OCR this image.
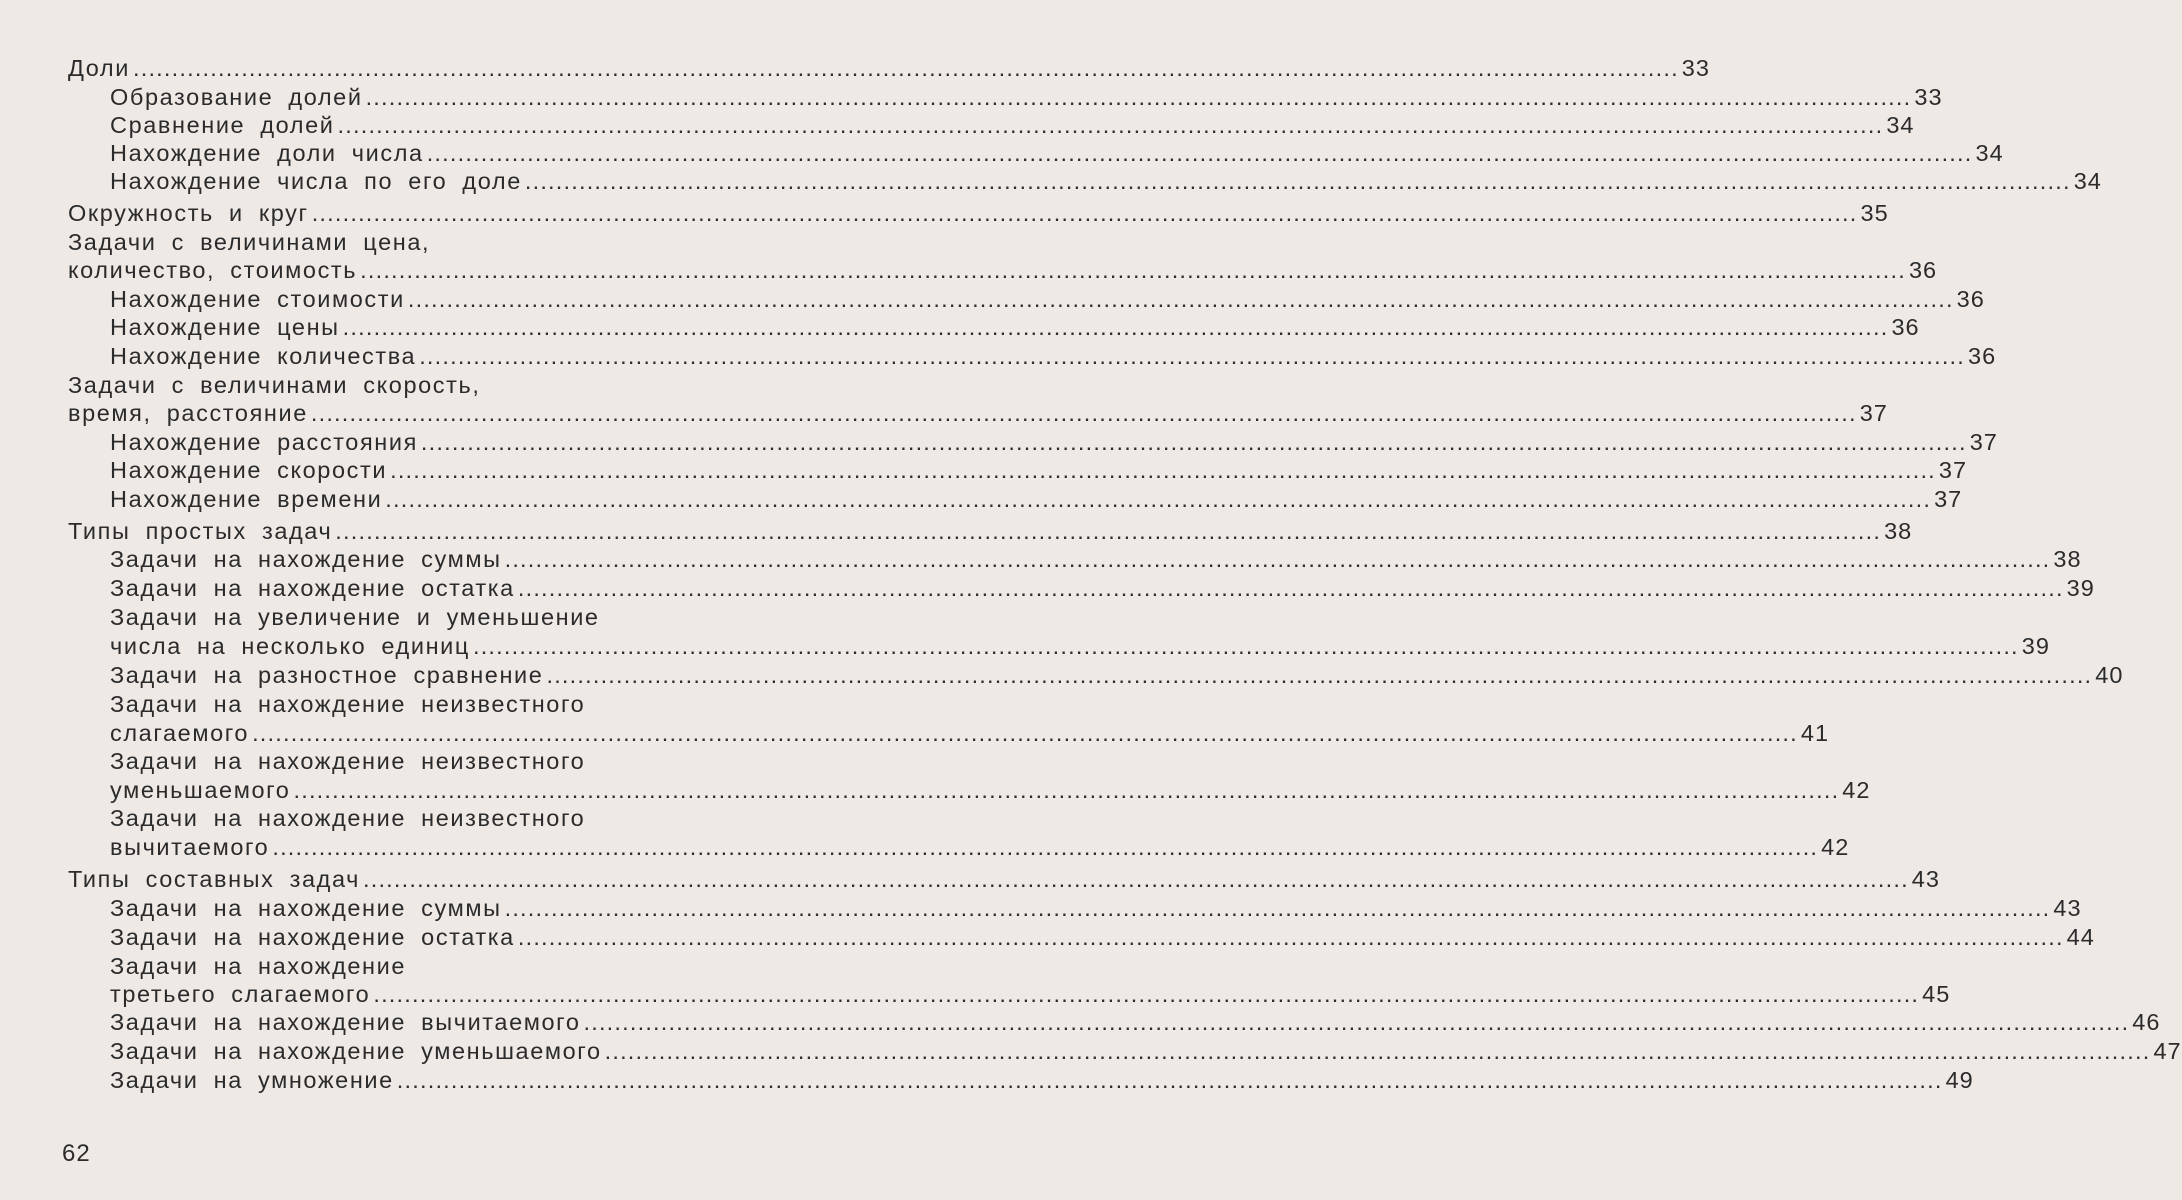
Доли ........................................................................................................................................................................................................ 33
Образование долей ........................................................................................................................................................................................................ 33
Сравнение долей ........................................................................................................................................................................................................ 34
Нахождение доли числа ........................................................................................................................................................................................................ 34
Нахождение числа по его доле ........................................................................................................................................................................................................ 34
Окружность и круг ........................................................................................................................................................................................................ 35
Задачи с величинами цена,
количество, стоимость ........................................................................................................................................................................................................ 36
Нахождение стоимости ........................................................................................................................................................................................................ 36
Нахождение цены ........................................................................................................................................................................................................ 36
Нахождение количества ........................................................................................................................................................................................................ 36
Задачи с величинами скорость,
время, расстояние ........................................................................................................................................................................................................ 37
Нахождение расстояния ........................................................................................................................................................................................................ 37
Нахождение скорости ........................................................................................................................................................................................................ 37
Нахождение времени ........................................................................................................................................................................................................ 37
Типы простых задач ........................................................................................................................................................................................................ 38
Задачи на нахождение суммы ........................................................................................................................................................................................................ 38
Задачи на нахождение остатка ........................................................................................................................................................................................................ 39
Задачи на увеличение и уменьшение
числа на несколько единиц ........................................................................................................................................................................................................ 39
Задачи на разностное сравнение ........................................................................................................................................................................................................ 40
Задачи на нахождение неизвестного
слагаемого ........................................................................................................................................................................................................ 41
Задачи на нахождение неизвестного
уменьшаемого ........................................................................................................................................................................................................ 42
Задачи на нахождение неизвестного
вычитаемого ........................................................................................................................................................................................................ 42
Типы составных задач ........................................................................................................................................................................................................ 43
Задачи на нахождение суммы ........................................................................................................................................................................................................ 43
Задачи на нахождение остатка ........................................................................................................................................................................................................ 44
Задачи на нахождение
третьего слагаемого ........................................................................................................................................................................................................ 45
Задачи на нахождение вычитаемого ........................................................................................................................................................................................................ 46
Задачи на нахождение уменьшаемого ........................................................................................................................................................................................................ 47
Задачи на умножение ........................................................................................................................................................................................................ 49
62
